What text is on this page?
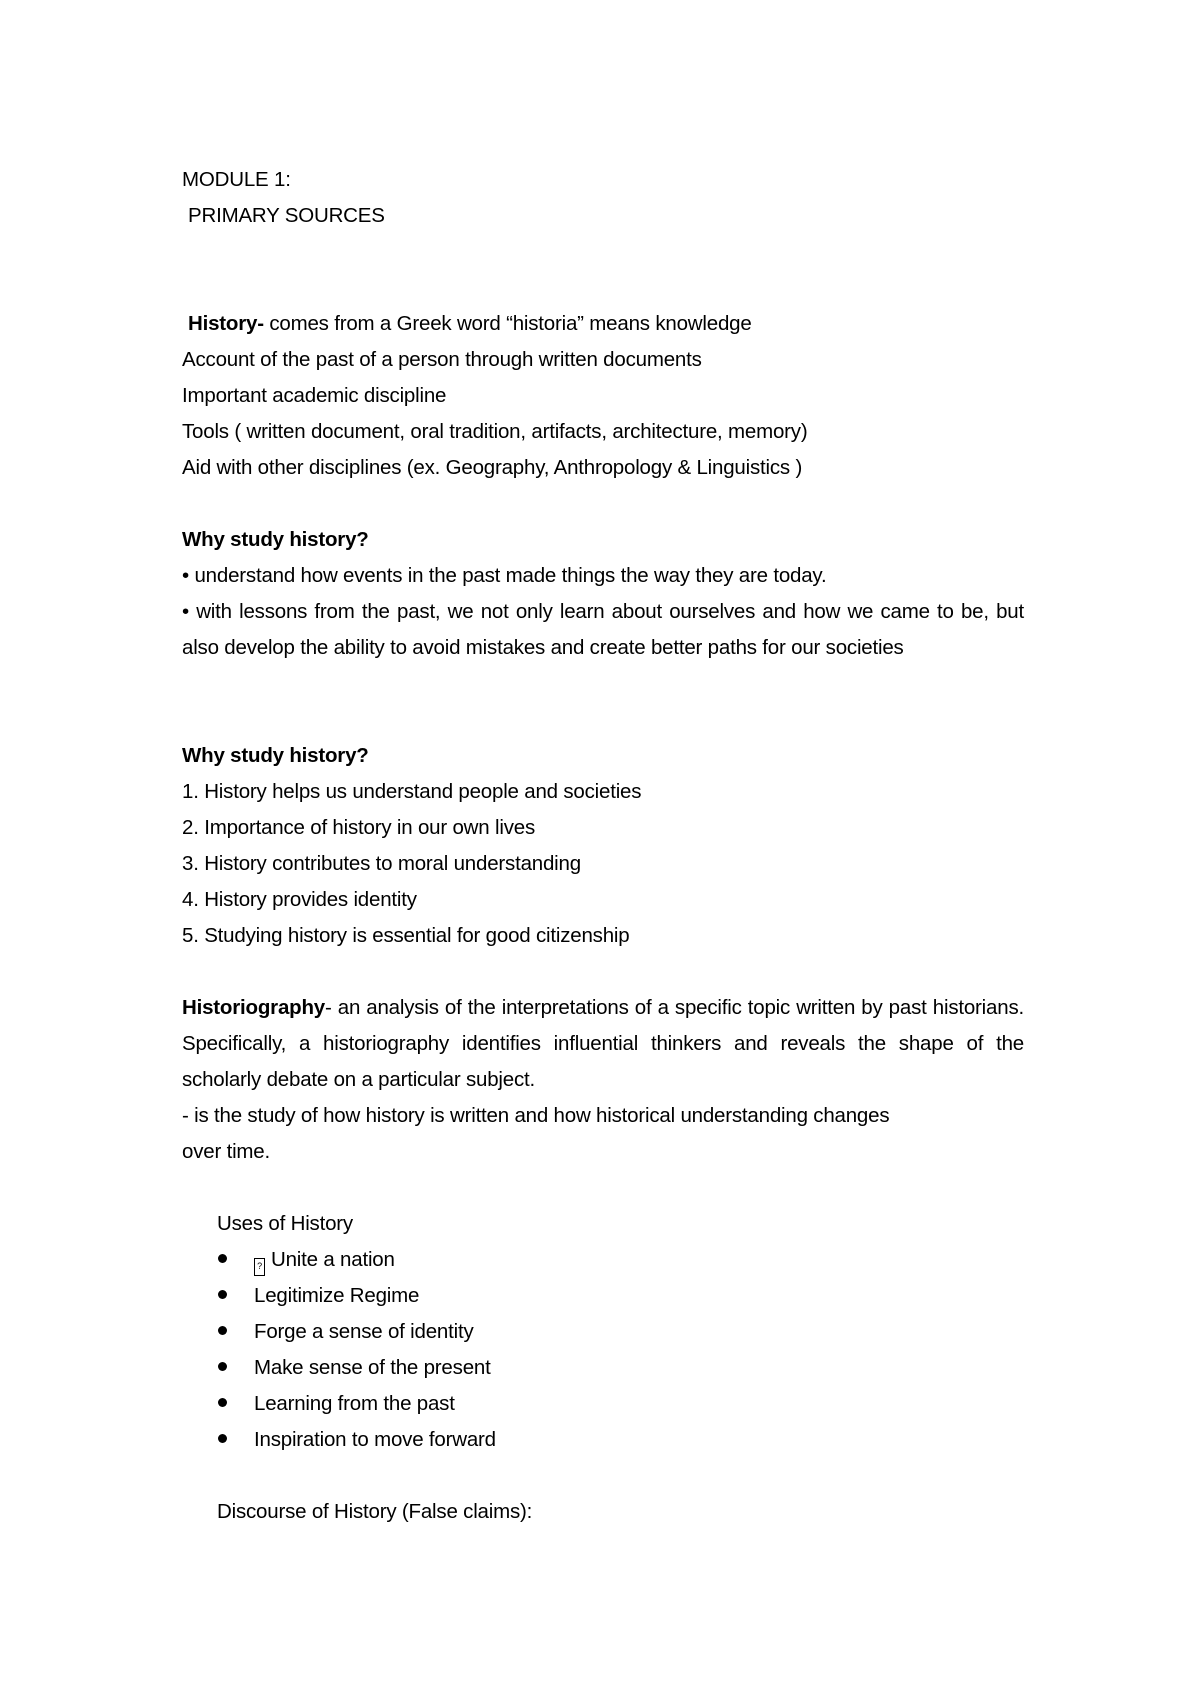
MODULE 1:
PRIMARY SOURCES
History- comes from a Greek word “historia” means knowledge
Account of the past of a person through written documents
Important academic discipline
Tools ( written document, oral tradition, artifacts, architecture, memory)
Aid with other disciplines (ex. Geography, Anthropology & Linguistics )
Why study history?
• understand how events in the past made things the way they are today.
• with lessons from the past, we not only learn about ourselves and how we came to be, but also develop the ability to avoid mistakes and create better paths for our societies
Why study history?
1. History helps us understand people and societies
2. Importance of history in our own lives
3. History contributes to moral understanding
4. History provides identity
5. Studying history is essential for good citizenship
Historiography- an analysis of the interpretations of a specific topic written by past historians. Specifically, a historiography identifies influential thinkers and reveals the shape of the scholarly debate on a particular subject.
- is the study of how history is written and how historical understanding changes
over time.
Uses of History
? Unite a nation
Legitimize Regime
Forge a sense of identity
Make sense of the present
Learning from the past
Inspiration to move forward
Discourse of History (False claims):
